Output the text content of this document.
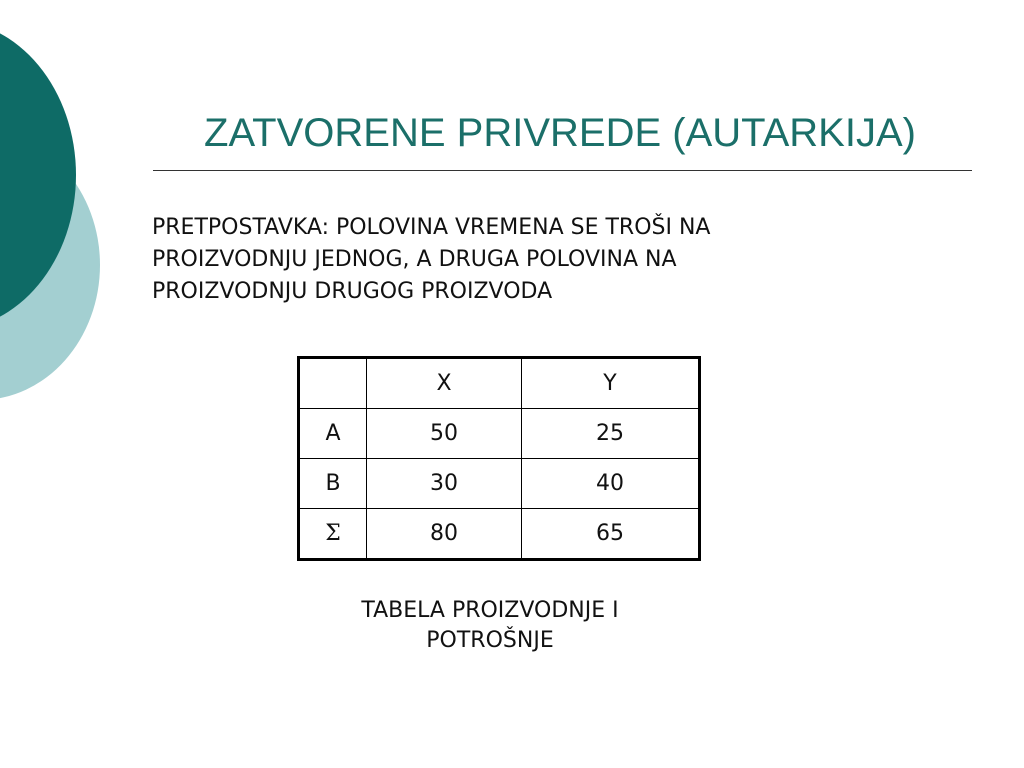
ZATVORENE PRIVREDE (AUTARKIJA)
PRETPOSTAVKA: POLOVINA VREMENA SE TROŠI NA
PROIZVODNJU JEDNOG, A DRUGA POLOVINA NA
PROIZVODNJU DRUGOG PROIZVODA
	X	Y
A	50	25
B	30	40
Σ	80	65
TABELA PROIZVODNJE I
POTROŠNJE
